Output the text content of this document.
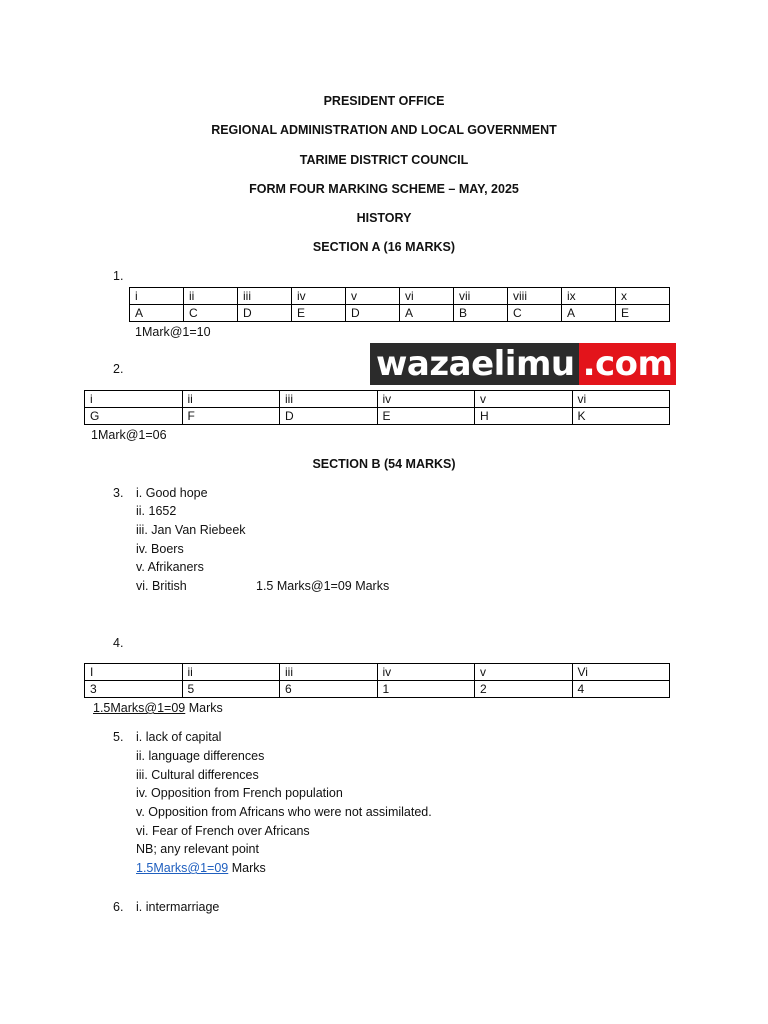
PRESIDENT OFFICE
REGIONAL ADMINISTRATION AND LOCAL GOVERNMENT
TARIME DISTRICT COUNCIL
FORM FOUR MARKING SCHEME – MAY, 2025
HISTORY
SECTION A (16 MARKS)
1.
i	ii	iii	iv	v	vi	vii	viii	ix	x
A	C	D	E	D	A	B	C	A	E
1Mark@1=10
wazaelimu .com
2.
i	ii	iii	iv	v	vi
G	F	D	E	H	K
1Mark@1=06
SECTION B (54 MARKS)
3. i. Good hope
ii. 1652
iii. Jan Van Riebeek
iv. Boers
v. Afrikaners
vi. British	1.5 Marks@1=09 Marks
4.
I	ii	iii	iv	v	Vi
3	5	6	1	2	4
1.5Marks@1=09 Marks
5. i. lack of capital
ii. language differences
iii. Cultural differences
iv. Opposition from French population
v. Opposition from Africans who were not assimilated.
vi. Fear of French over Africans
NB; any relevant point
1.5Marks@1=09 Marks
6. i. intermarriage
